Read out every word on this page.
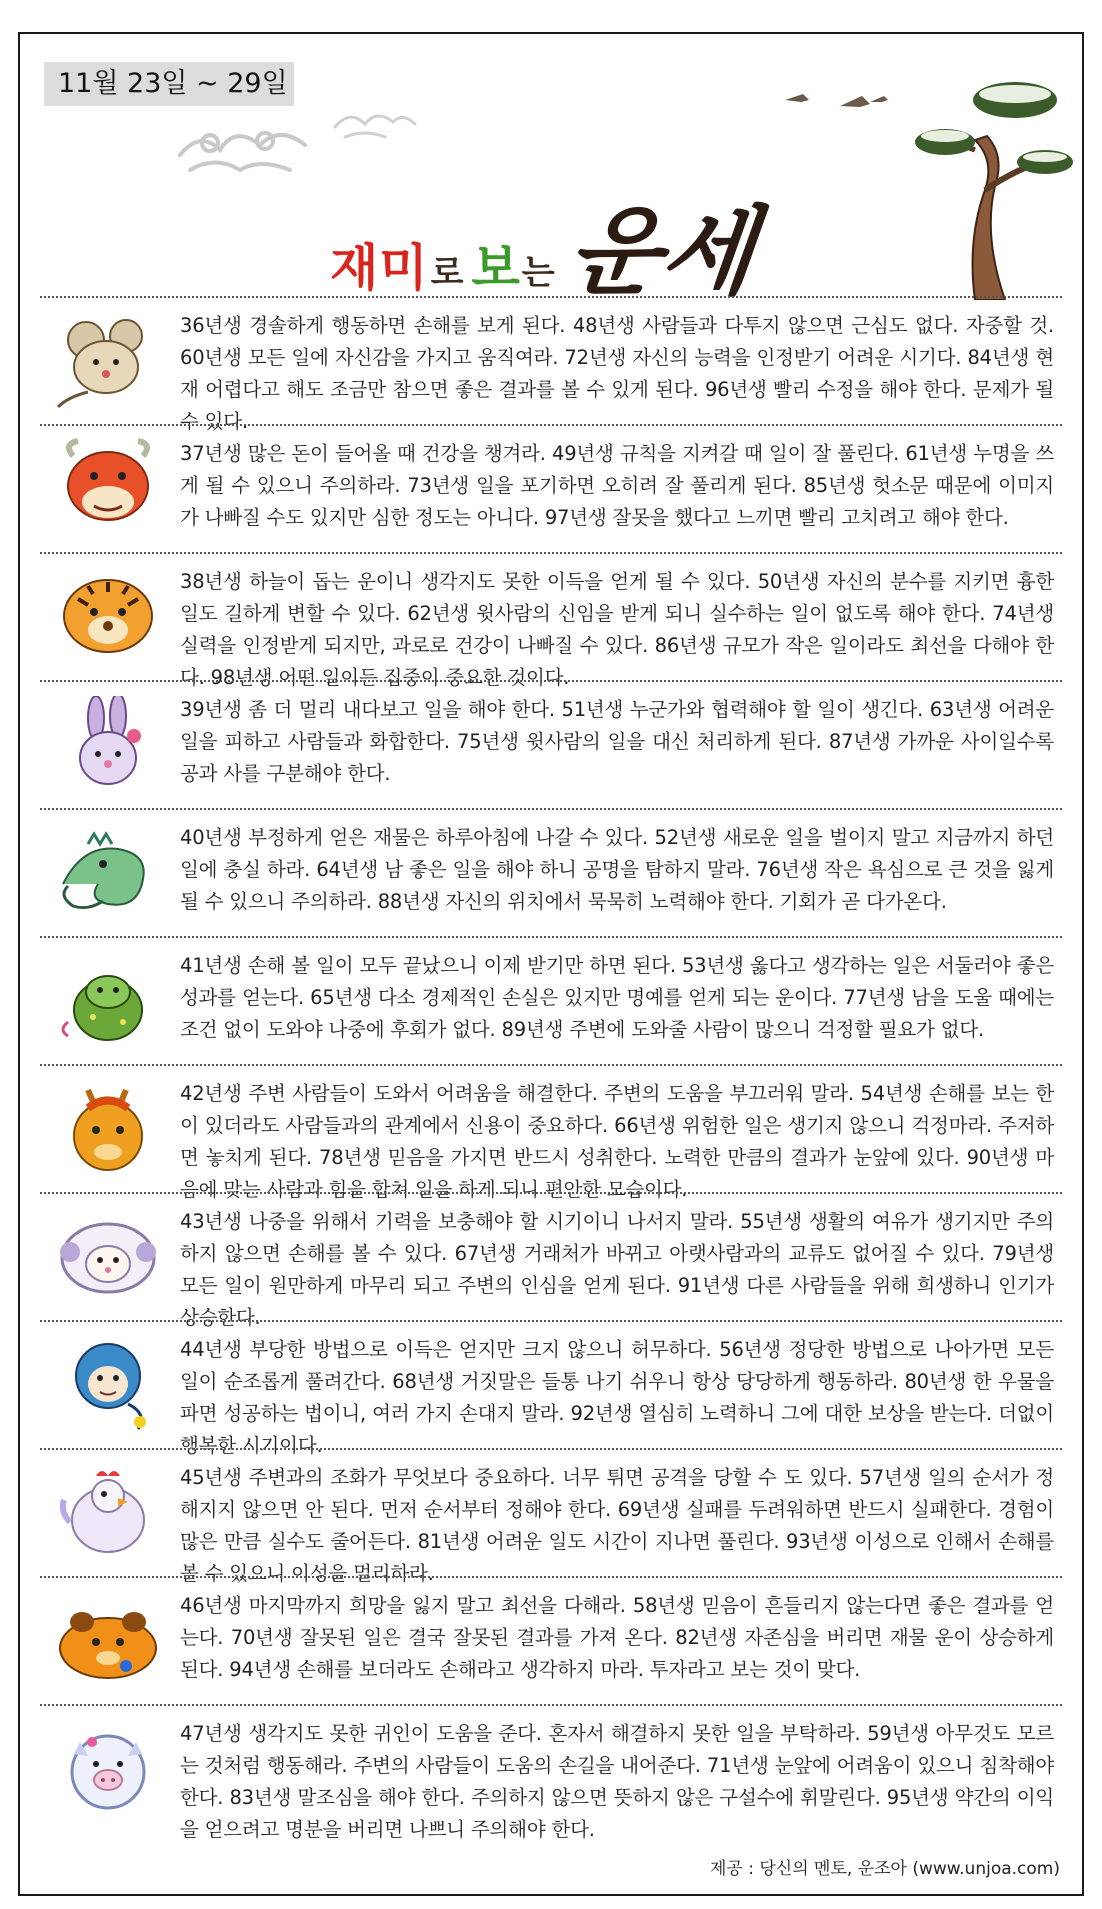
11월 23일 ~ 29일
재미 로 보 는 운세
36년생 경솔하게 행동하면 손해를 보게 된다. 48년생 사람들과 다투지 않으면 근심도 없다. 자중할 것. 60년생 모든 일에 자신감을 가지고 움직여라. 72년생 자신의 능력을 인정받기 어려운 시기다. 84년생 현재 어렵다고 해도 조금만 참으면 좋은 결과를 볼 수 있게 된다. 96년생 빨리 수정을 해야 한다. 문제가 될 수 있다.
37년생 많은 돈이 들어올 때 건강을 챙겨라. 49년생 규칙을 지켜갈 때 일이 잘 풀린다. 61년생 누명을 쓰게 될 수 있으니 주의하라. 73년생 일을 포기하면 오히려 잘 풀리게 된다. 85년생 헛소문 때문에 이미지가 나빠질 수도 있지만 심한 정도는 아니다. 97년생 잘못을 했다고 느끼면 빨리 고치려고 해야 한다.
38년생 하늘이 돕는 운이니 생각지도 못한 이득을 얻게 될 수 있다. 50년생 자신의 분수를 지키면 흉한 일도 길하게 변할 수 있다. 62년생 윗사람의 신임을 받게 되니 실수하는 일이 없도록 해야 한다. 74년생 실력을 인정받게 되지만, 과로로 건강이 나빠질 수 있다. 86년생 규모가 작은 일이라도 최선을 다해야 한다. 98년생 어떤 일이든 집중이 중요한 것이다.
39년생 좀 더 멀리 내다보고 일을 해야 한다. 51년생 누군가와 협력해야 할 일이 생긴다. 63년생 어려운 일을 피하고 사람들과 화합한다. 75년생 윗사람의 일을 대신 처리하게 된다. 87년생 가까운 사이일수록 공과 사를 구분해야 한다.
40년생 부정하게 얻은 재물은 하루아침에 나갈 수 있다. 52년생 새로운 일을 벌이지 말고 지금까지 하던 일에 충실 하라. 64년생 남 좋은 일을 해야 하니 공명을 탐하지 말라. 76년생 작은 욕심으로 큰 것을 잃게 될 수 있으니 주의하라. 88년생 자신의 위치에서 묵묵히 노력해야 한다. 기회가 곧 다가온다.
41년생 손해 볼 일이 모두 끝났으니 이제 받기만 하면 된다. 53년생 옳다고 생각하는 일은 서둘러야 좋은 성과를 얻는다. 65년생 다소 경제적인 손실은 있지만 명예를 얻게 되는 운이다. 77년생 남을 도울 때에는 조건 없이 도와야 나중에 후회가 없다. 89년생 주변에 도와줄 사람이 많으니 걱정할 필요가 없다.
42년생 주변 사람들이 도와서 어려움을 해결한다. 주변의 도움을 부끄러워 말라. 54년생 손해를 보는 한이 있더라도 사람들과의 관계에서 신용이 중요하다. 66년생 위험한 일은 생기지 않으니 걱정마라. 주저하면 놓치게 된다. 78년생 믿음을 가지면 반드시 성취한다. 노력한 만큼의 결과가 눈앞에 있다. 90년생 마음에 맞는 사람과 힘을 합쳐 일을 하게 되니 편안한 모습이다.
43년생 나중을 위해서 기력을 보충해야 할 시기이니 나서지 말라. 55년생 생활의 여유가 생기지만 주의하지 않으면 손해를 볼 수 있다. 67년생 거래처가 바뀌고 아랫사람과의 교류도 없어질 수 있다. 79년생 모든 일이 원만하게 마무리 되고 주변의 인심을 얻게 된다. 91년생 다른 사람들을 위해 희생하니 인기가 상승한다.
44년생 부당한 방법으로 이득은 얻지만 크지 않으니 허무하다. 56년생 정당한 방법으로 나아가면 모든 일이 순조롭게 풀려간다. 68년생 거짓말은 들통 나기 쉬우니 항상 당당하게 행동하라. 80년생 한 우물을 파면 성공하는 법이니, 여러 가지 손대지 말라. 92년생 열심히 노력하니 그에 대한 보상을 받는다. 더없이 행복한 시기이다.
45년생 주변과의 조화가 무엇보다 중요하다. 너무 튀면 공격을 당할 수 도 있다. 57년생 일의 순서가 정해지지 않으면 안 된다. 먼저 순서부터 정해야 한다. 69년생 실패를 두려워하면 반드시 실패한다. 경험이 많은 만큼 실수도 줄어든다. 81년생 어려운 일도 시간이 지나면 풀린다. 93년생 이성으로 인해서 손해를 볼 수 있으니 이성을 멀리하라.
46년생 마지막까지 희망을 잃지 말고 최선을 다해라. 58년생 믿음이 흔들리지 않는다면 좋은 결과를 얻는다. 70년생 잘못된 일은 결국 잘못된 결과를 가져 온다. 82년생 자존심을 버리면 재물 운이 상승하게 된다. 94년생 손해를 보더라도 손해라고 생각하지 마라. 투자라고 보는 것이 맞다.
47년생 생각지도 못한 귀인이 도움을 준다. 혼자서 해결하지 못한 일을 부탁하라. 59년생 아무것도 모르는 것처럼 행동해라. 주변의 사람들이 도움의 손길을 내어준다. 71년생 눈앞에 어려움이 있으니 침착해야 한다. 83년생 말조심을 해야 한다. 주의하지 않으면 뜻하지 않은 구설수에 휘말린다. 95년생 약간의 이익을 얻으려고 명분을 버리면 나쁘니 주의해야 한다.
제공 : 당신의 멘토, 운조아 (www.unjoa.com)
